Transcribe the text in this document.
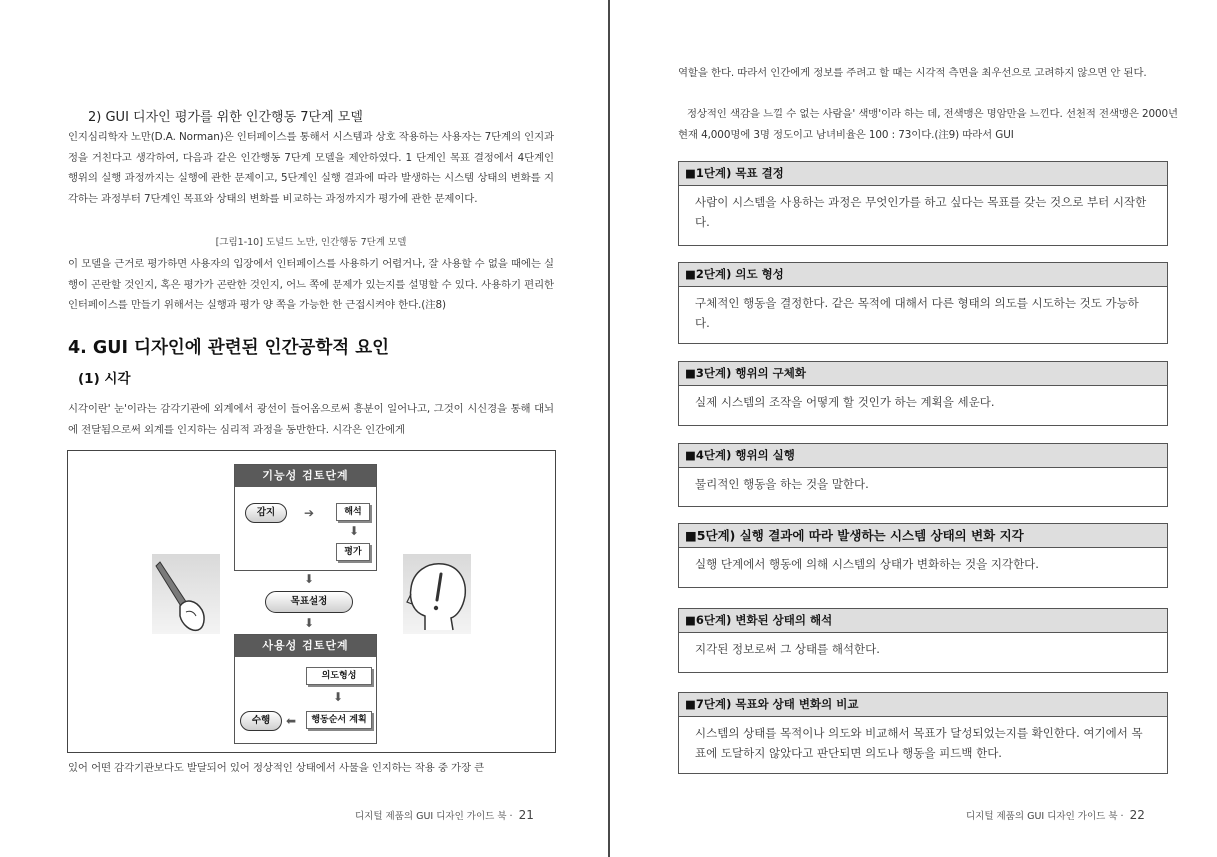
2) GUI 디자인 평가를 위한 인간행동 7단계 모델

인지심리학자 노만(D.A. Norman)은 인터페이스를 통해서 시스템과 상호 작용하는 사용자는 7단계의 인지과정을 거친다고 생각하여, 다음과 같은 인간행동 7단계 모델을 제안하였다. 1 단계인 목표 결정에서 4단계인 행위의 실행 과정까지는 실행에 관한 문제이고, 5단계인 실행 결과에 따라 발생하는 시스템 상태의 변화를 지각하는 과정부터 7단계인 목표와 상태의 변화를 비교하는 과정까지가 평가에 관한 문제이다.

[그림1-10] 도널드 노만, 인간행동 7단계 모델

이 모델을 근거로 평가하면 사용자의 입장에서 인터페이스를 사용하기 어렵거나, 잘 사용할 수 없을 때에는 실행이 곤란할 것인지, 혹은 평가가 곤란한 것인지, 어느 쪽에 문제가 있는지를 설명할 수 있다. 사용하기 편리한 인터페이스를 만들기 위해서는 실행과 평가 양 쪽을 가능한 한 근접시켜야 한다.(注8)

4. GUI 디자인에 관련된 인간공학적 요인
(1) 시각

시각이란' 눈'이라는 감각기관에 외계에서 광선이 들어옴으로써 흥분이 일어나고, 그것이 시신경을 통해 대뇌에 전달됨으로써 외계를 인지하는 심리적 과정을 동반한다. 시각은 인간에게

기능성 검토단계
감지	➔	해석
⬇
평가
⬇
목표설정
⬇
사용성 검토단계
의도형성
⬇
행동순서 계획
⬅
수행

있어 어떤 감각기관보다도 발달되어 있어 정상적인 상태에서 사물을 인지하는 작용 중 가장 큰

디지털 제품의 GUI 디자인 가이드 북 · 21

역할을 한다. 따라서 인간에게 정보를 주려고 할 때는 시각적 측면을 최우선으로 고려하지 않으면 안 된다.

정상적인 색감을 느낄 수 없는 사람을' 색맹'이라 하는 데, 전색맹은 명암만을 느낀다. 선천적 전색맹은 2000년 현재 4,000명에 3명 정도이고 남녀비율은 100 : 73이다.(注9) 따라서 GUI

■1단계) 목표 결정
사람이 시스템을 사용하는 과정은 무엇인가를 하고 싶다는 목표를 갖는 것으로 부터 시작한다.
■2단계) 의도 형성
구체적인 행동을 결정한다. 같은 목적에 대해서 다른 형태의 의도를 시도하는 것도 가능하다.
■3단계) 행위의 구체화
실제 시스템의 조작을 어떻게 할 것인가 하는 계획을 세운다.
■4단계) 행위의 실행
물리적인 행동을 하는 것을 말한다.
■5단계) 실행 결과에 따라 발생하는 시스템 상태의 변화 지각
실행 단계에서 행동에 의해 시스템의 상태가 변화하는 것을 지각한다.
■6단계) 변화된 상태의 해석
지각된 정보로써 그 상태를 해석한다.
■7단계) 목표와 상태 변화의 비교
시스템의 상태를 목적이나 의도와 비교해서 목표가 달성되었는지를 확인한다. 여기에서 목표에 도달하지 않았다고 판단되면 의도나 행동을 피드백 한다.
디지털 제품의 GUI 디자인 가이드 북 · 22
